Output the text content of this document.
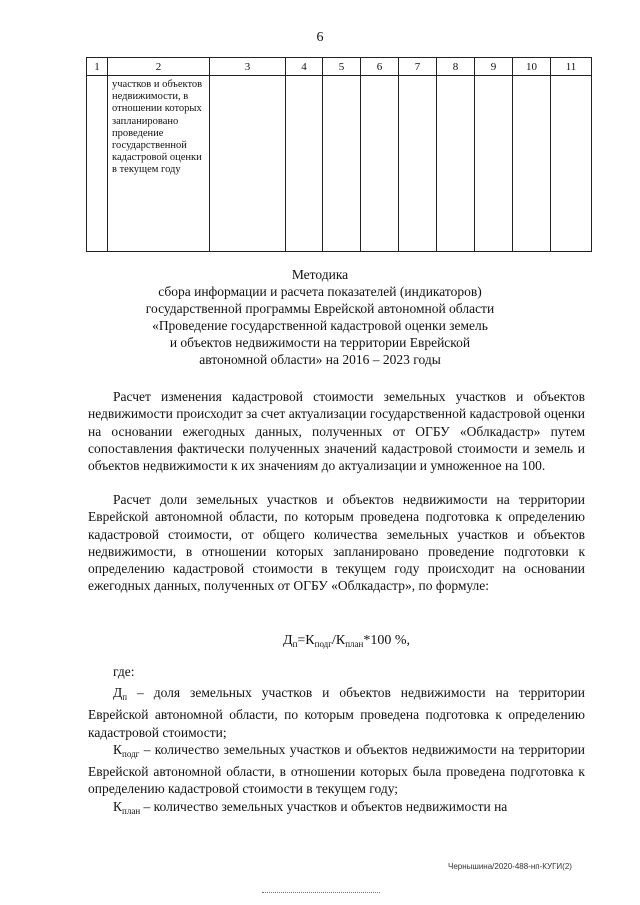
6
1	2	3	4	5	6	7	8	9	10	11
	участков и объектов недвижимости, в отношении которых запланировано проведение государственной кадастровой оценки в текущем году									
Методика
сбора информации и расчета показателей (индикаторов)
государственной программы Еврейской автономной области
«Проведение государственной кадастровой оценки земель
и объектов недвижимости на территории Еврейской
автономной области» на 2016 – 2023 годы

Расчет изменения кадастровой стоимости земельных участков и объектов недвижимости происходит за счет актуализации государственной кадастровой оценки на основании ежегодных данных, полученных от ОГБУ «Облкадастр» путем сопоставления фактически полученных значений кадастровой стоимости и земель и объектов недвижимости к их значениям до актуализации и умноженное на 100.

Расчет доли земельных участков и объектов недвижимости на территории Еврейской автономной области, по которым проведена подготовка к определению кадастровой стоимости, от общего количества земельных участков и объектов недвижимости, в отношении которых запланировано проведение подготовки к определению кадастровой стоимости в текущем году происходит на основании ежегодных данных, полученных от ОГБУ «Облкадастр», по формуле:

$Д_п=К_{подг}/К_{план}*100$ %,
где:

$Д_п$ – доля земельных участков и объектов недвижимости на территории Еврейской автономной области, по которым проведена подготовка к определению кадастровой стоимости;

$К_{подг}$ – количество земельных участков и объектов недвижимости на территории Еврейской автономной области, в отношении которых была проведена подготовка к определению кадастровой стоимости в текущем году;

$К_{план}$ – количество земельных участков и объектов недвижимости на

Чернышина/2020-488-нп-КУГИ(2)
